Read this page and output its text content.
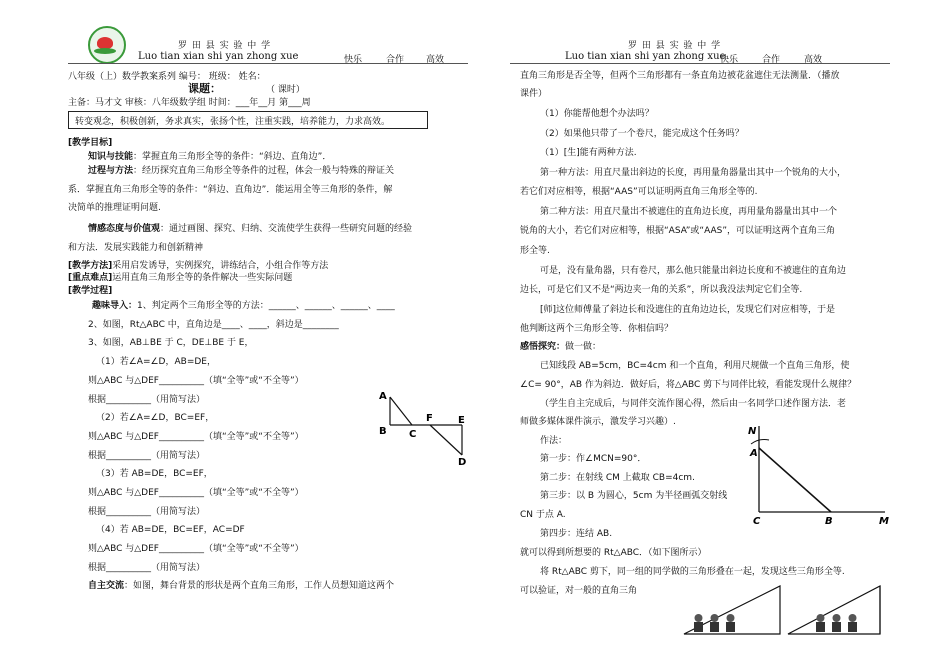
罗 田 县 实 验 中 学
Luo tian xian shi yan zhong xue	快乐	合作 高效
罗 田 县 实 验 中 学
Luo tian xian shi yan zhong xue
快乐	合作	高效
八年级（上）数学教案系列 编号： 班级： 姓名：
课题：	（ 课时）
主备：马才文 审核：八年级数学组 时间：___年__月 第___周
转变观念，积极创新，务求真实，张扬个性，注重实践，培养能力，力求高效。
[教学目标]
知识与技能：掌握直角三角形全等的条件：“斜边、直角边”．
过程与方法：经历探究直角三角形全等条件的过程，体会一般与特殊的辩证关
系．掌握直角三角形全等的条件：“斜边、直角边”．能运用全等三角形的条件，解
决简单的推理证明问题.
情感态度与价值观：通过画图、探究、归纳、交流使学生获得一些研究问题的经验
和方法．发展实践能力和创新精神
[教学方法]采用启发诱导，实例探究，讲练结合，小组合作等方法
[重点难点]运用直角三角形全等的条件解决一些实际问题
[教学过程]
趣味导入：1、判定两个三角形全等的方法：______、______、______、____
2、如图，Rt△ABC 中，直角边是____、____，斜边是________
3、如图，AB⊥BE 于 C，DE⊥BE 于 E，
（1）若∠A=∠D，AB=DE，
则△ABC 与△DEF__________（填“全等”或“不全等”）
根据__________（用简写法）
（2）若∠A=∠D，BC=EF，
则△ABC 与△DEF__________（填“全等”或“不全等”）
根据__________（用简写法）
（3）若 AB=DE，BC=EF，
则△ABC 与△DEF__________（填“全等”或“不全等”）
根据__________（用简写法）
（4）若 AB=DE，BC=EF，AC=DF
则△ABC 与△DEF__________（填“全等”或“不全等”）
根据__________（用简写法）
自主交流：如图，舞台背景的形状是两个直角三角形，工作人员想知道这两个
A
B C
F	E
D
直角三角形是否全等，但两个三角形都有一条直角边被花盆遮住无法测量．（播放
课件）
（1）你能帮他想个办法吗？
（2）如果他只带了一个卷尺，能完成这个任务吗？
（1）[生]能有两种方法.
第一种方法：用直尺量出斜边的长度，再用量角器量出其中一个锐角的大小，
若它们对应相等，根据“AAS”可以证明两直角三角形全等的.
第二种方法：用直尺量出不被遮住的直角边长度，再用量角器量出其中一个
锐角的大小，若它们对应相等，根据“ASA”或“AAS”，可以证明这两个直角三角
形全等.
可是，没有量角器，只有卷尺，那么他只能量出斜边长度和不被遮住的直角边
边长，可是它们又不是“两边夹一角的关系”，所以我没法判定它们全等.
[师]这位师傅量了斜边长和没遮住的直角边边长，发现它们对应相等，于是
他判断这两个三角形全等．你相信吗？
感悟探究：做一做：
已知线段 AB=5cm，BC=4cm 和一个直角，利用尺规做一个直角三角形，使
∠C= 90°，AB 作为斜边．做好后，将△ABC 剪下与同伴比较，看能发现什么规律？
（学生自主完成后，与同伴交流作图心得，然后由一名同学口述作图方法．老
师做多媒体课件演示，激发学习兴趣）.
作法：
第一步：作∠MCN=90°．
第二步：在射线 CM 上截取 CB=4cm.
第三步：以 B 为圆心，5cm 为半径画弧交射线
CN 于点 A.
第四步：连结 AB.
就可以得到所想要的 Rt△ABC．（如下图所示）
将 Rt△ABC 剪下，同一组的同学做的三角形叠在一起，发现这些三角形全等.
可以验证，对一般的直角三角
N
A
C	B	M
